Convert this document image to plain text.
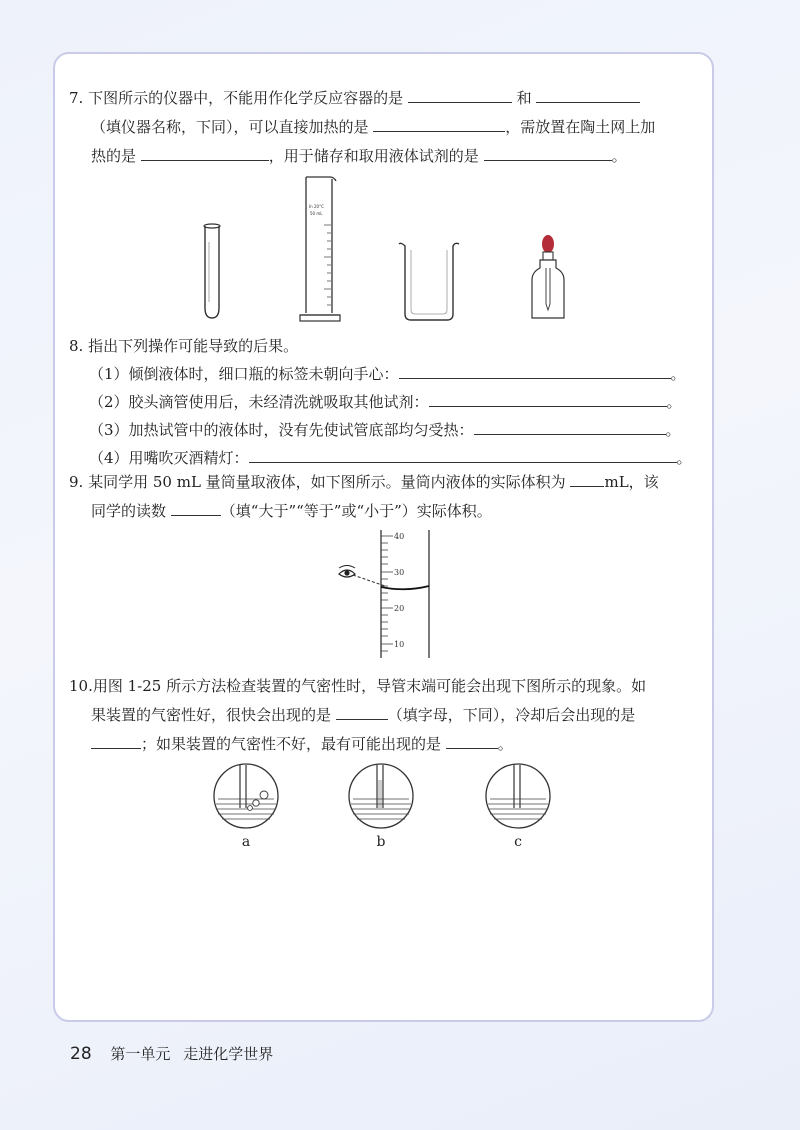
7. 下图所示的仪器中，不能用作化学反应容器的是	和

（填仪器名称，下同），可以直接加热的是	，需放置在陶土网上加

热的是	，用于储存和取用液体试剂的是	。

In 20°C
50 mL

8. 指出下列操作可能导致的后果。

（1）倾倒液体时，细口瓶的标签未朝向手心：	。

（2）胶头滴管使用后，未经清洗就吸取其他试剂：	。

（3）加热试管中的液体时，没有先使试管底部均匀受热：	。

（4）用嘴吹灭酒精灯：	。

9. 某同学用 50 mL 量筒量取液体，如下图所示。量筒内液体的实际体积为	mL，该

同学的读数	（填“大于”“等于”或“小于”）实际体积。

40
30
20
10

10.用图 1-25 所示方法检查装置的气密性时，导管末端可能会出现下图所示的现象。如

果装置的气密性好，很快会出现的是	（填字母，下同），冷却后会出现的是

；如果装置的气密性不好，最有可能出现的是	。

a	b	c
28 第一单元 走进化学世界
